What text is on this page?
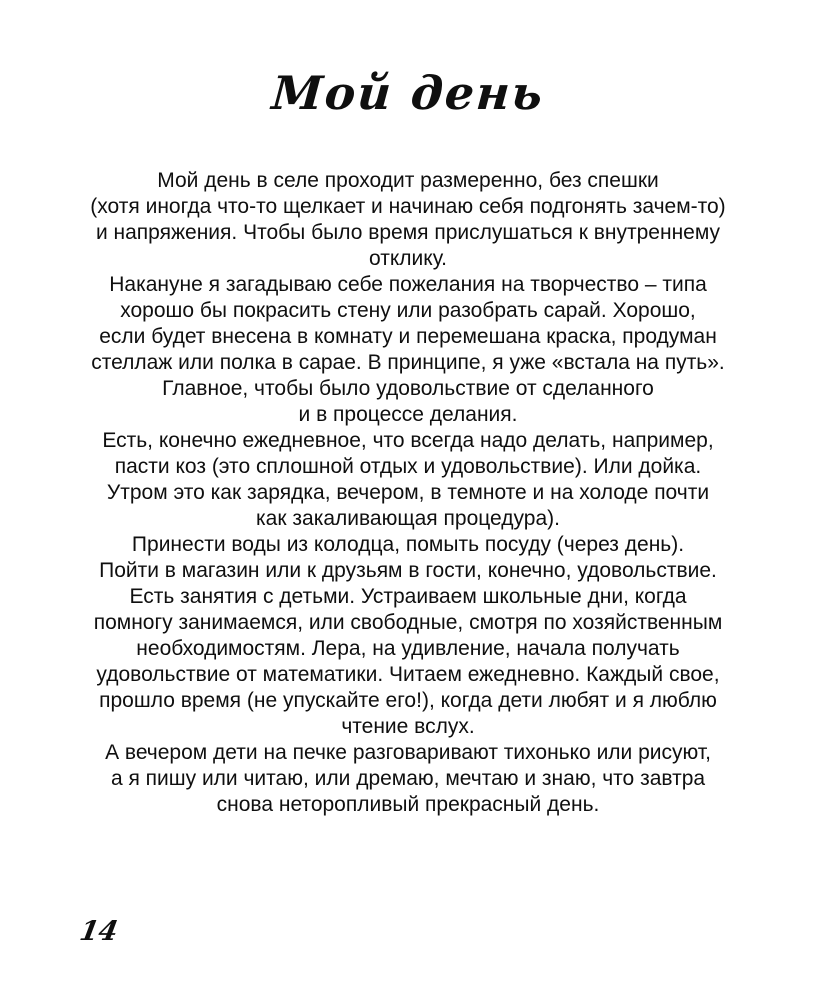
Мой день
Мой день в селе проходит размеренно, без спешки
(хотя иногда что-то щелкает и начинаю себя подгонять зачем-то)
и напряжения. Чтобы было время прислушаться к внутреннему
отклику.
Накануне я загадываю себе пожелания на творчество – типа
хорошо бы покрасить стену или разобрать сарай. Хорошо,
если будет внесена в комнату и перемешана краска, продуман
стеллаж или полка в сарае. В принципе, я уже «встала на путь».
Главное, чтобы было удовольствие от сделанного
и в процессе делания.
Есть, конечно ежедневное, что всегда надо делать, например,
пасти коз (это сплошной отдых и удовольствие). Или дойка.
Утром это как зарядка, вечером, в темноте и на холоде почти
как закаливающая процедура).
Принести воды из колодца, помыть посуду (через день).
Пойти в магазин или к друзьям в гости, конечно, удовольствие.
Есть занятия с детьми. Устраиваем школьные дни, когда
помногу занимаемся, или свободные, смотря по хозяйственным
необходимостям. Лера, на удивление, начала получать
удовольствие от математики. Читаем ежедневно. Каждый свое,
прошло время (не упускайте его!), когда дети любят и я люблю
чтение вслух.
А вечером дети на печке разговаривают тихонько или рисуют,
а я пишу или читаю, или дремаю, мечтаю и знаю, что завтра
снова неторопливый прекрасный день.
14
